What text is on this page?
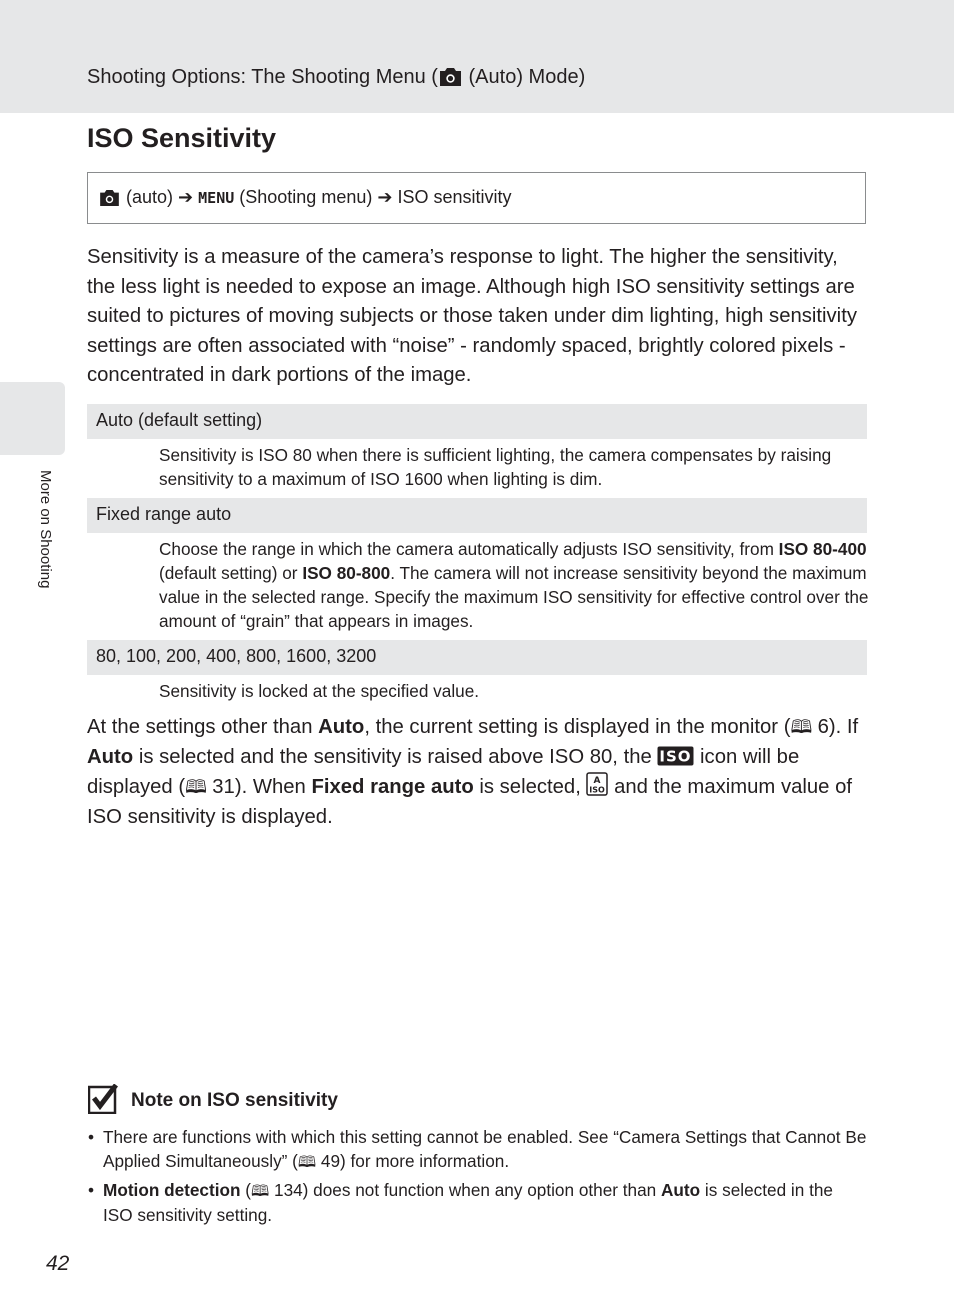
Shooting Options: The Shooting Menu ( (Auto) Mode)
ISO Sensitivity
(auto) ➔ MENU (Shooting menu) ➔ ISO sensitivity

Sensitivity is a measure of the camera’s response to light. The higher the sensitivity, the less light is needed to expose an image. Although high ISO sensitivity settings are suited to pictures of moving subjects or those taken under dim lighting, high sensitivity settings are often associated with “noise” - randomly spaced, brightly colored pixels - concentrated in dark portions of the image.

Auto (default setting)

Sensitivity is ISO 80 when there is sufficient lighting, the camera compensates by raising sensitivity to a maximum of ISO 1600 when lighting is dim.

Fixed range auto

Choose the range in which the camera automatically adjusts ISO sensitivity, from ISO 80-400 (default setting) or ISO 80-800. The camera will not increase sensitivity beyond the maximum value in the selected range. Specify the maximum ISO sensitivity for effective control over the amount of “grain” that appears in images.

80, 100, 200, 400, 800, 1600, 3200

Sensitivity is locked at the specified value.

At the settings other than Auto, the current setting is displayed in the monitor (🕮 6). If Auto is selected and the sensitivity is raised above ISO 80, the ISO icon will be displayed (🕮 31). When Fixed range auto is selected, A
ISO and the maximum value of ISO sensitivity is displayed.

More on Shooting
Note on ISO sensitivity
• There are functions with which this setting cannot be enabled. See “Camera Settings that Cannot Be Applied Simultaneously” (🕮 49) for more information.
• Motion detection (🕮 134) does not function when any option other than Auto is selected in the ISO sensitivity setting.
42
